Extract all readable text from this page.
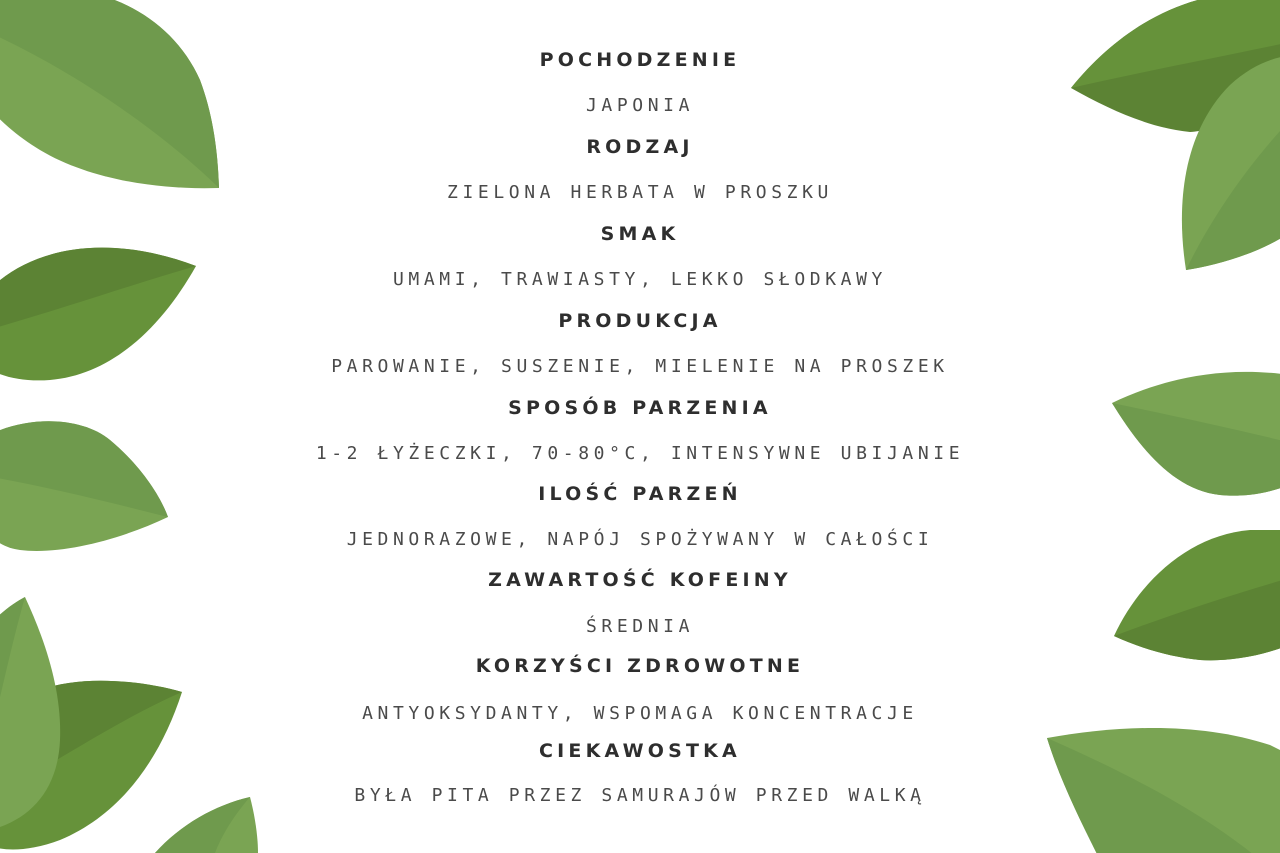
POCHODZENIE
JAPONIA
RODZAJ
ZIELONA HERBATA W PROSZKU
SMAK
UMAMI, TRAWIASTY, LEKKO SŁODKAWY
PRODUKCJA
PAROWANIE, SUSZENIE, MIELENIE NA PROSZEK
SPOSÓB PARZENIA
1-2 ŁYŻECZKI, 70-80°C, INTENSYWNE UBIJANIE
ILOŚĆ PARZEŃ
JEDNORAZOWE, NAPÓJ SPOŻYWANY W CAŁOŚCI
ZAWARTOŚĆ KOFEINY
ŚREDNIA
KORZYŚCI ZDROWOTNE
ANTYOKSYDANTY, WSPOMAGA KONCENTRACJE
CIEKAWOSTKA
BYŁA PITA PRZEZ SAMURAJÓW PRZED WALKĄ
